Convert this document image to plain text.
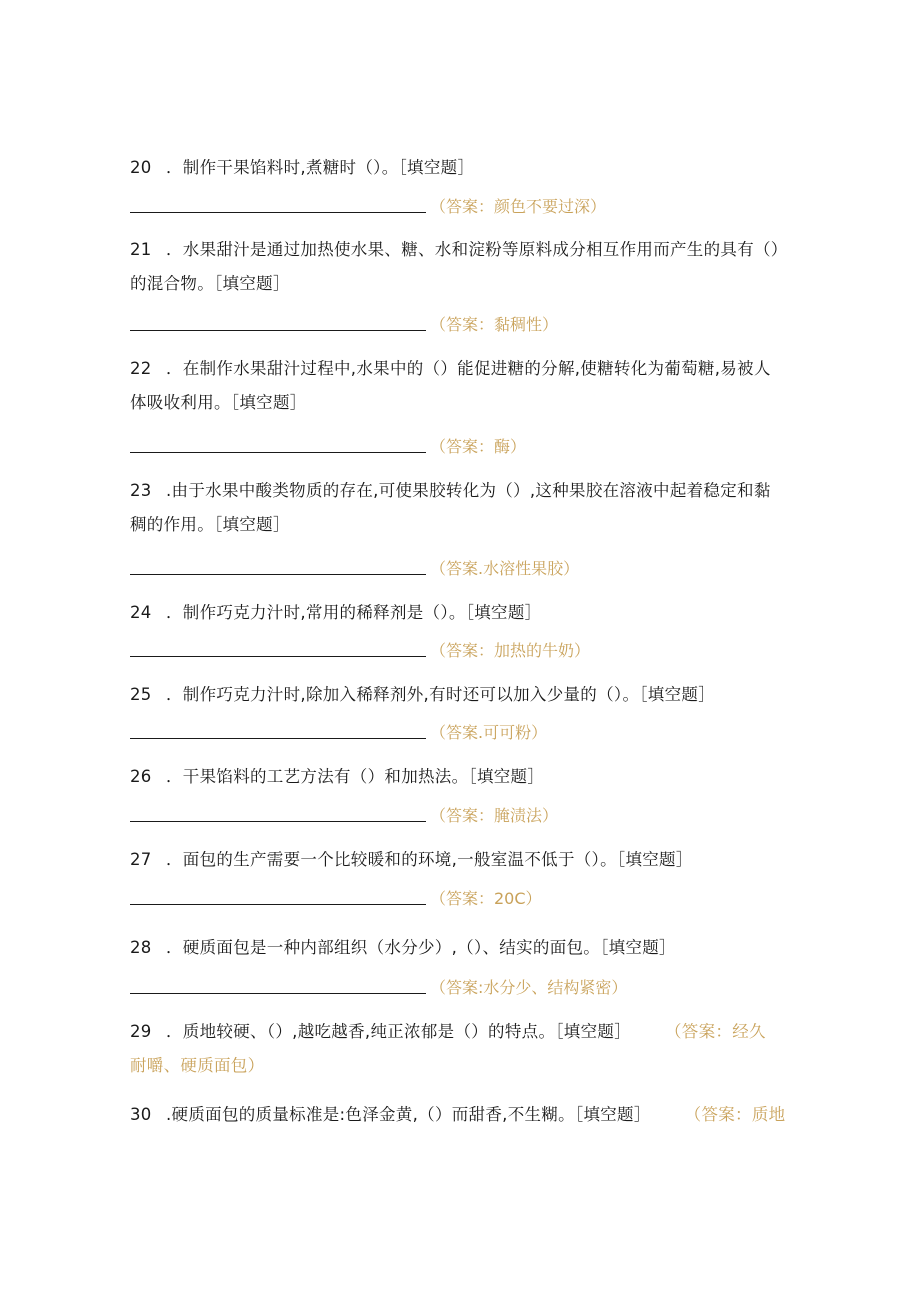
20 ．制作干果馅料时,煮糖时（）。［填空题］
（答案：颜色不要过深）
21 ．水果甜汁是通过加热使水果、糖、水和淀粉等原料成分相互作用而产生的具有（）
的混合物。［填空题］
（答案：黏稠性）
22 ．在制作水果甜汁过程中,水果中的（）能促进糖的分解,使糖转化为葡萄糖,易被人
体吸收利用。［填空题］
（答案：酶）
23 .由于水果中酸类物质的存在,可使果胶转化为（）,这种果胶在溶液中起着稳定和黏
稠的作用。［填空题］
（答案.水溶性果胶）
24 ．制作巧克力汁时,常用的稀释剂是（）。［填空题］
（答案：加热的牛奶）
25 ．制作巧克力汁时,除加入稀释剂外,有时还可以加入少量的（）。［填空题］
（答案.可可粉）
26 ．干果馅料的工艺方法有（）和加热法。［填空题］
（答案：腌渍法）
27 ．面包的生产需要一个比较暖和的环境,一般室温不低于（）。［填空题］
（答案：20C）
28 ．硬质面包是一种内部组织（水分少）,（）、结实的面包。［填空题］
（答案:水分少、结构紧密）
29 ．质地较硬、（）,越吃越香,纯正浓郁是（）的特点。［填空题］ （答案：经久
耐嚼、硬质面包）
30 .硬质面包的质量标准是:色泽金黄,（）而甜香,不生糊。［填空题］ （答案：质地
